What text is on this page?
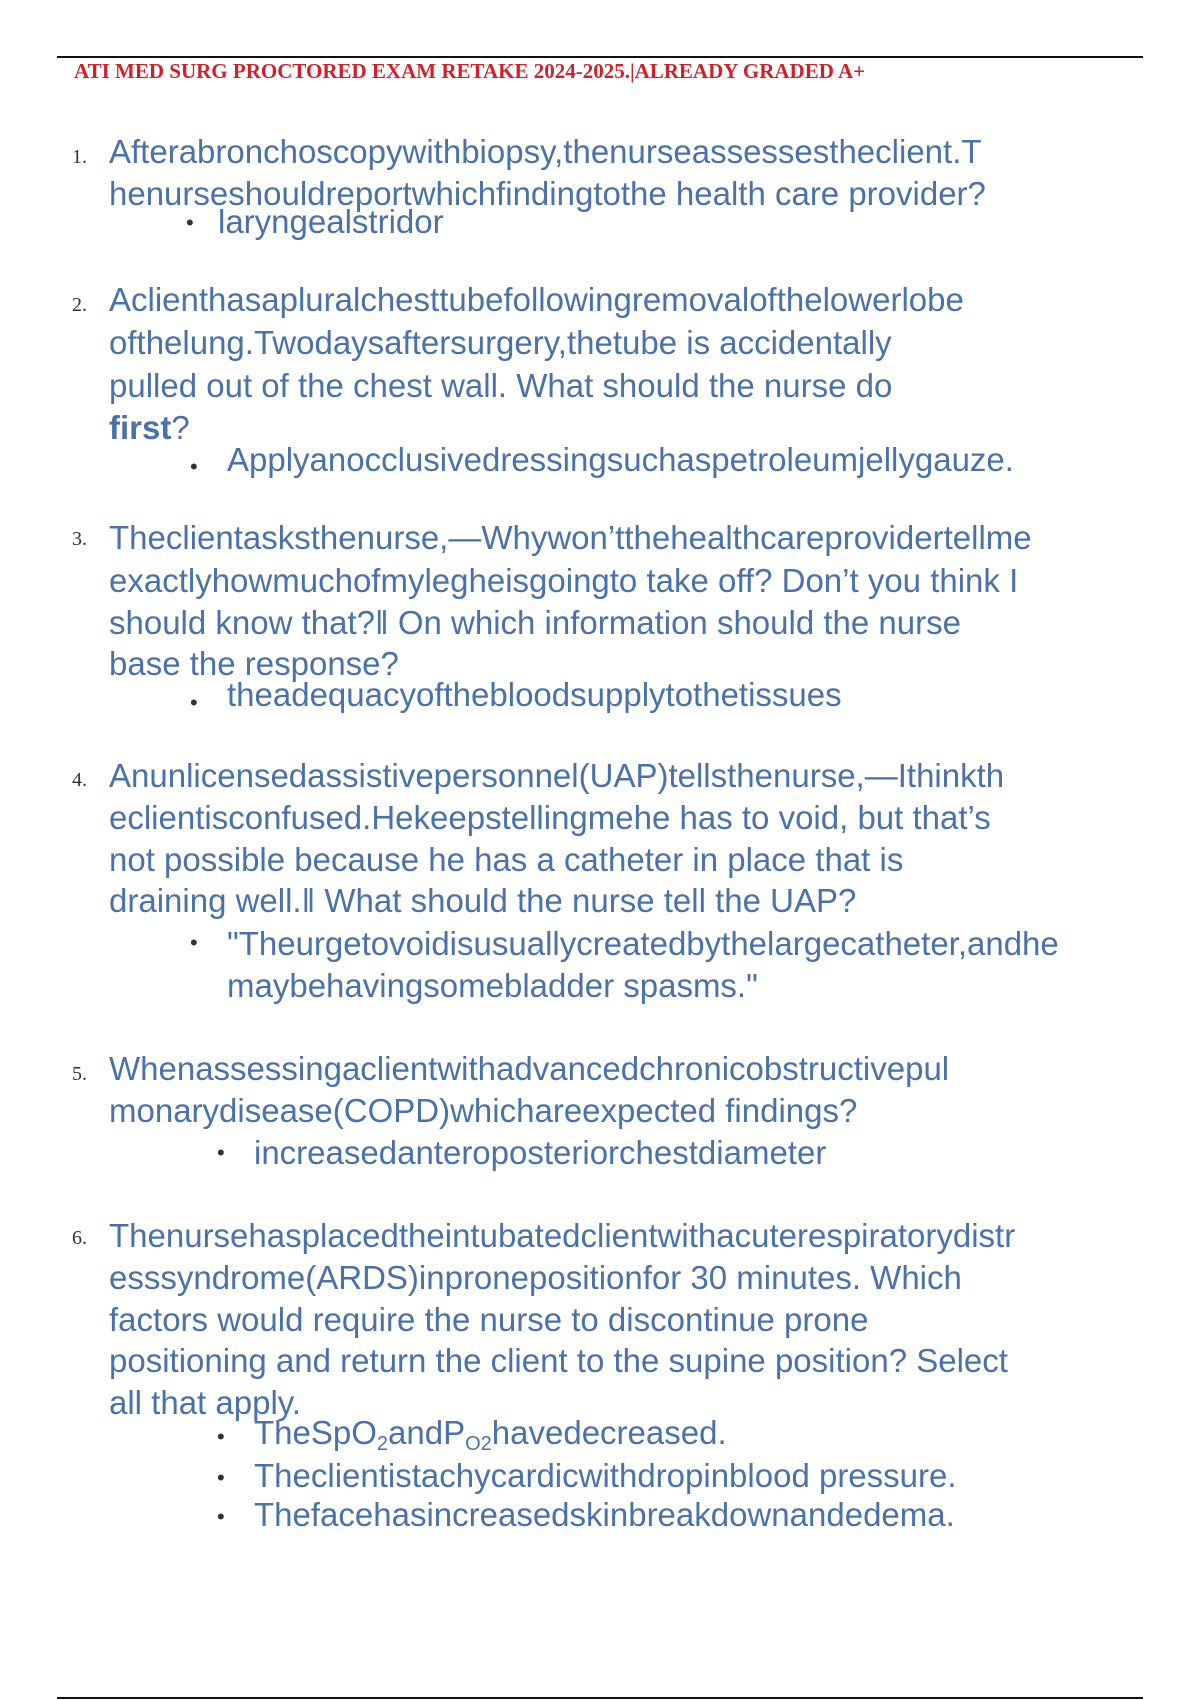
ATI MED SURG PROCTORED EXAM RETAKE 2024-2025.|ALREADY GRADED A+
1. Afterabronchoscopywithbiopsy,thenurseassessestheclient.T
henurseshouldreportwhichfindingtothe health care provider?
• laryngealstridor
2. Aclienthasapluralchesttubefollowingremovalofthelowerlobe
ofthelung.Twodaysaftersurgery,thetube is accidentally
pulled out of the chest wall. What should the nurse do
first?
• Applyanocclusivedressingsuchaspetroleumjellygauze.
3. Theclientasksthenurse,—Whywon’tthehealthcareprovidertellme
exactlyhowmuchofmylegheisgoingto take off? Don’t you think I
should know that?‖ On which information should the nurse
base the response?
• theadequacyofthebloodsupplytothetissues
4. Anunlicensedassistivepersonnel(UAP)tellsthenurse,—Ithinkth
eclientisconfused.Hekeepstellingmehe has to void, but that’s
not possible because he has a catheter in place that is
draining well.‖ What should the nurse tell the UAP?
• "Theurgetovoidisusuallycreatedbythelargecatheter,andhe
maybehavingsomebladder spasms."
5. Whenassessingaclientwithadvancedchronicobstructivepul
monarydisease(COPD)whichareexpected findings?
• increasedanteroposteriorchestdiameter
6. Thenursehasplacedtheintubatedclientwithacuterespiratorydistr
esssyndrome(ARDS)inpronepositionfor 30 minutes. Which
factors would require the nurse to discontinue prone
positioning and return the client to the supine position? Select
all that apply.
• TheSpO2andPO2havedecreased.
• Theclientistachycardicwithdropinblood pressure.
• Thefacehasincreasedskinbreakdownandedema.
